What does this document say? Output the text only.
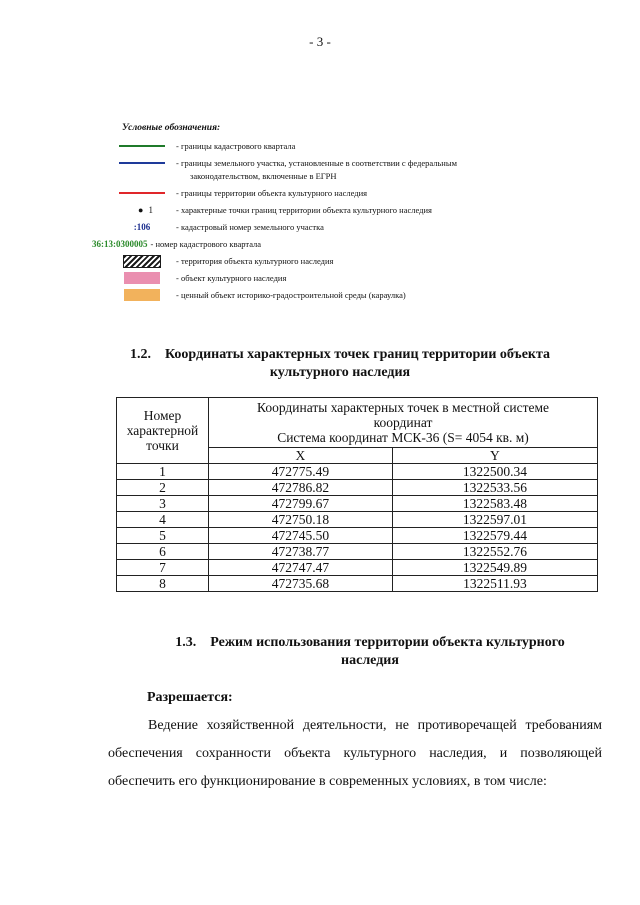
- 3 -
Условные обозначения:
- границы кадастрового квартала
- границы земельного участка, установленные в соответствии с федеральным
законодательством, включенные в ЕГРН
- границы территории объекта культурного наследия
● 1	- характерные точки границ территории объекта культурного наследия
:106	- кадастровый номер земельного участка
36:13:0300005 - номер кадастрового квартала
- территория объекта культурного наследия
- объект культурного наследия
- ценный объект историко-градостроительной среды (караулка)
1.2. Координаты характерных точек границ территории объекта
культурного наследия
Номер характерной точки	Координаты характерных точек в местной системе
координат
Система координат МСК-36 (S= 4054 кв. м)	

	X	Y
1	472775.49	1322500.34
2	472786.82	1322533.56
3	472799.67	1322583.48
4	472750.18	1322597.01
5	472745.50	1322579.44
6	472738.77	1322552.76
7	472747.47	1322549.89
8	472735.68	1322511.93
1.3. Режим использования территории объекта культурного
наследия
Разрешается:
Ведение хозяйственной деятельности, не противоречащей требованиям обеспечения сохранности объекта культурного наследия, и позволяющей обеспечить его функционирование в современных условиях, в том числе:
